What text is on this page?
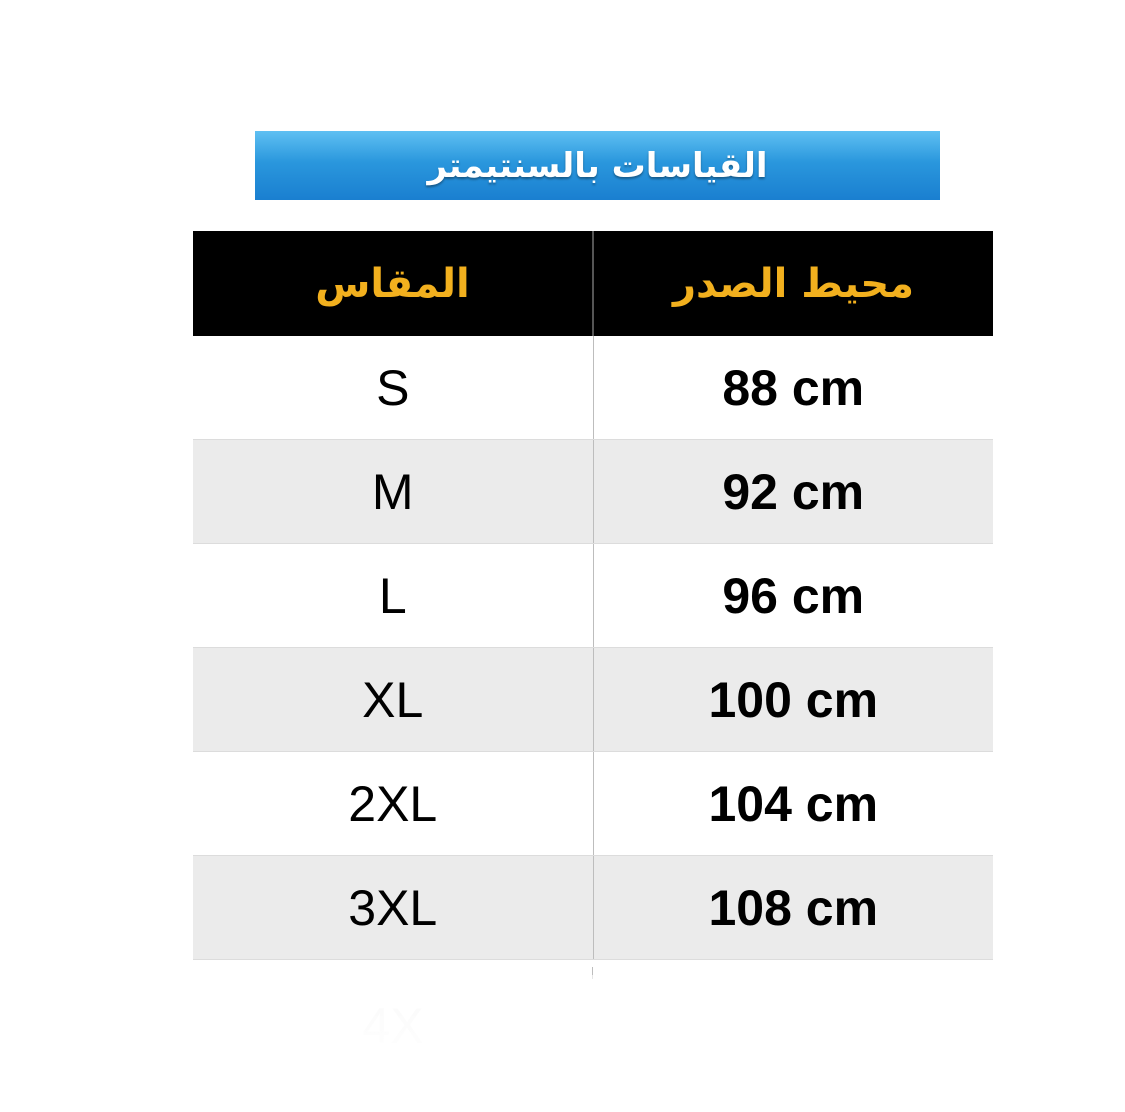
القياسات بالسنتيمتر
المقاس	محيط الصدر
S	88 cm
M	92 cm
L	96 cm
XL	100 cm
2XL	104 cm
3XL	108 cm
